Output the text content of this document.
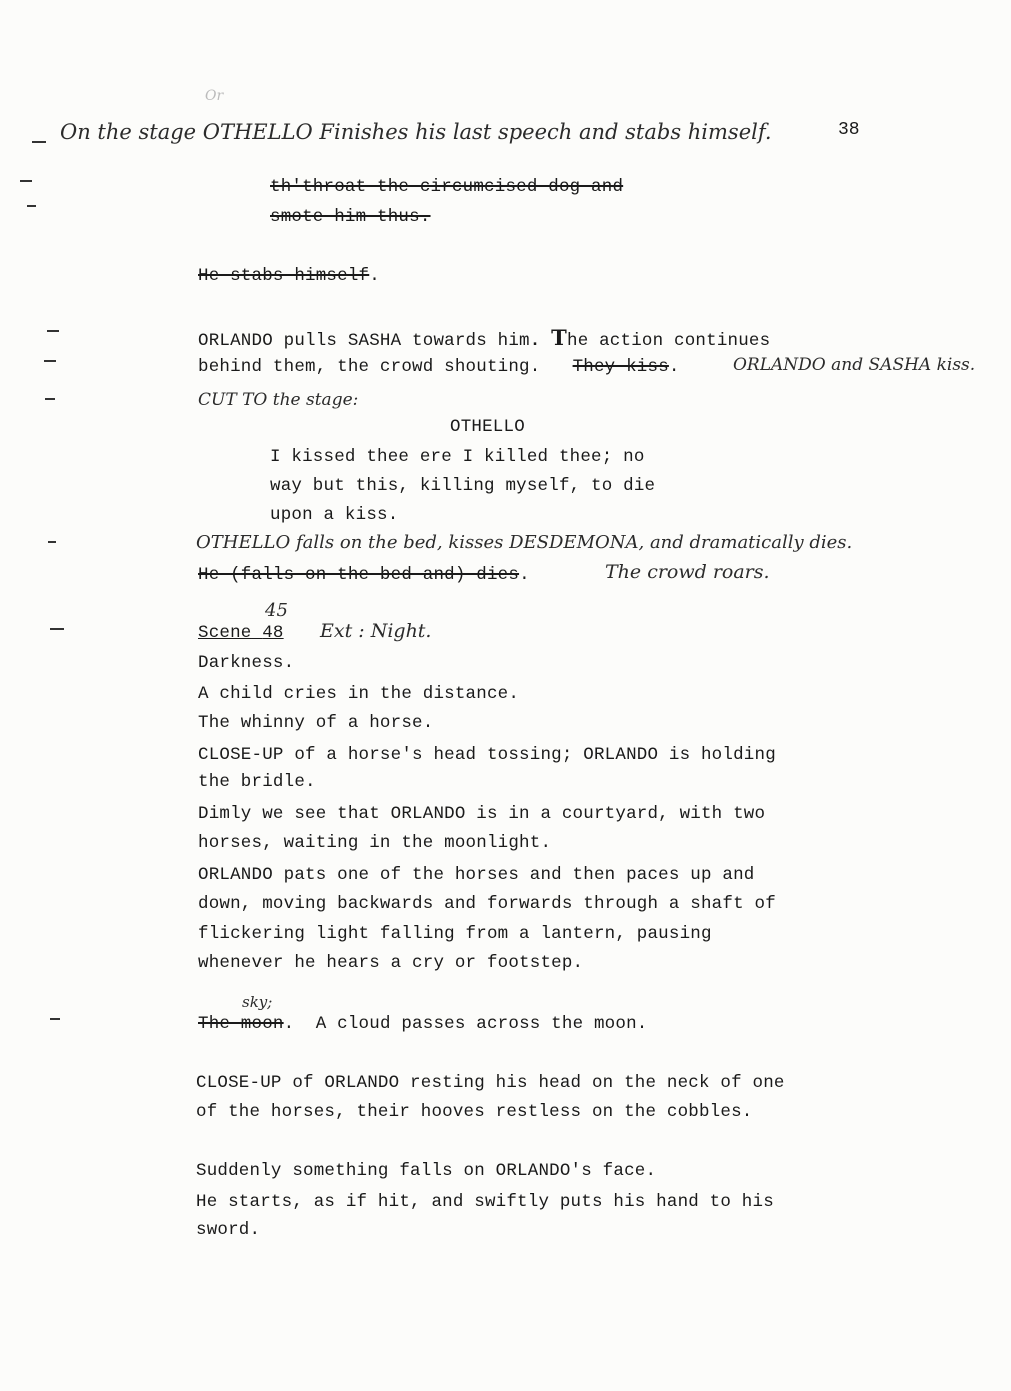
Or
38
On the stage OTHELLO Finishes his last speech and stabs himself.
th'throat the circumcised dog and
smote him thus.
He stabs himself.
ORLANDO pulls SASHA towards him. The action continues
behind them, the crowd shouting. They kiss.	ORLANDO and SASHA kiss.
CUT TO the stage:
OTHELLO
I kissed thee ere I killed thee; no
way but this, killing myself, to die
upon a kiss.
OTHELLO falls on the bed, kisses DESDEMONA, and dramatically dies.
He (falls on the bed and) dies.	The crowd roars.
45
Scene 48 Ext : Night.
Darkness.
A child cries in the distance.
The whinny of a horse.
CLOSE-UP of a horse's head tossing; ORLANDO is holding
the bridle.
Dimly we see that ORLANDO is in a courtyard, with two
horses, waiting in the moonlight.
ORLANDO pats one of the horses and then paces up and
down, moving backwards and forwards through a shaft of
flickering light falling from a lantern, pausing
whenever he hears a cry or footstep.
sky;
The moon. A cloud passes across the moon.
CLOSE-UP of ORLANDO resting his head on the neck of one
of the horses, their hooves restless on the cobbles.
Suddenly something falls on ORLANDO's face.
He starts, as if hit, and swiftly puts his hand to his
sword.
